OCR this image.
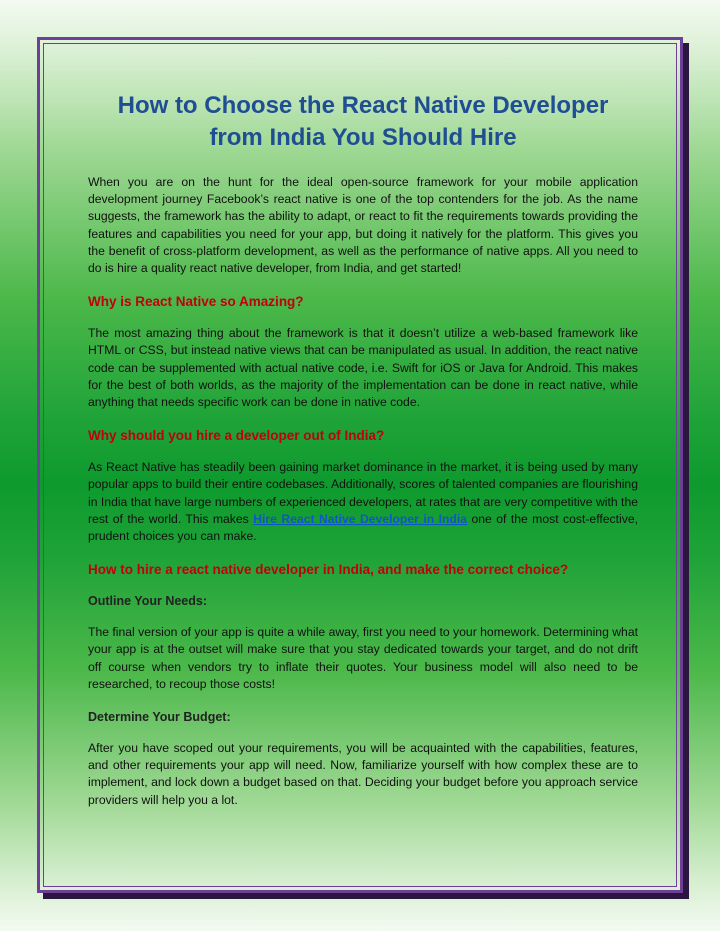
How to Choose the React Native Developer from India You Should Hire

When you are on the hunt for the ideal open-source framework for your mobile application development journey Facebook’s react native is one of the top contenders for the job. As the name suggests, the framework has the ability to adapt, or react to fit the requirements towards providing the features and capabilities you need for your app, but doing it natively for the platform. This gives you the benefit of cross-platform development, as well as the performance of native apps. All you need to do is hire a quality react native developer, from India, and get started!

Why is React Native so Amazing?

The most amazing thing about the framework is that it doesn’t utilize a web-based framework like HTML or CSS, but instead native views that can be manipulated as usual. In addition, the react native code can be supplemented with actual native code, i.e. Swift for iOS or Java for Android. This makes for the best of both worlds, as the majority of the implementation can be done in react native, while anything that needs specific work can be done in native code.

Why should you hire a developer out of India?

As React Native has steadily been gaining market dominance in the market, it is being used by many popular apps to build their entire codebases. Additionally, scores of talented companies are flourishing in India that have large numbers of experienced developers, at rates that are very competitive with the rest of the world. This makes Hire React Native Developer in India one of the most cost-effective, prudent choices you can make.

How to hire a react native developer in India, and make the correct choice?
Outline Your Needs:

The final version of your app is quite a while away, first you need to your homework. Determining what your app is at the outset will make sure that you stay dedicated towards your target, and do not drift off course when vendors try to inflate their quotes. Your business model will also need to be researched, to recoup those costs!

Determine Your Budget:

After you have scoped out your requirements, you will be acquainted with the capabilities, features, and other requirements your app will need. Now, familiarize yourself with how complex these are to implement, and lock down a budget based on that. Deciding your budget before you approach service providers will help you a lot.
